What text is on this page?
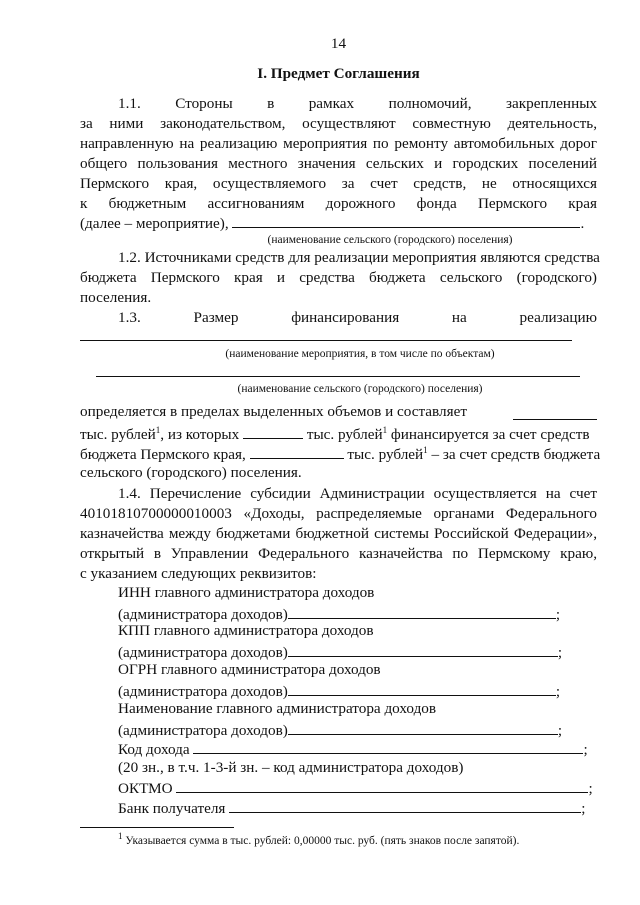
14
I. Предмет Соглашения
1.1. Стороны в рамках полномочий, закрепленных
за ними законодательством, осуществляют совместную деятельность,
направленную на реализацию мероприятия по ремонту автомобильных дорог
общего пользования местного значения сельских и городских поселений
Пермского края, осуществляемого за счет средств, не относящихся
к бюджетным ассигнованиям дорожного фонда Пермского края
(далее – мероприятие),	.
(наименование сельского (городского) поселения)
1.2. Источниками средств для реализации мероприятия являются средства
бюджета Пермского края и средства бюджета сельского (городского)
поселения.
1.3. Размер финансирования на реализацию
(наименование мероприятия, в том числе по объектам)
(наименование сельского (городского) поселения)
определяется в пределах выделенных объемов и составляет
тыс. рублей$^1$, из которых	тыс. рублей$^1$ финансируется за счет средств
бюджета Пермского края,	тыс. рублей$^1$ – за счет средств бюджета
сельского (городского) поселения.
1.4. Перечисление субсидии Администрации осуществляется на счет
40101810700000010003 «Доходы, распределяемые органами Федерального
казначейства между бюджетами бюджетной системы Российской Федерации»,
открытый в Управлении Федерального казначейства по Пермскому краю,
с указанием следующих реквизитов:
ИНН главного администратора доходов
(администратора доходов)	;
КПП главного администратора доходов
(администратора доходов)	;
ОГРН главного администратора доходов
(администратора доходов)	;
Наименование главного администратора доходов
(администратора доходов)	;
Код дохода	;
(20 зн., в т.ч. 1-3-й зн. – код администратора доходов)
ОКТМО	;
Банк получателя	;
$^1$ Указывается сумма в тыс. рублей: 0,00000 тыс. руб. (пять знаков после запятой).
